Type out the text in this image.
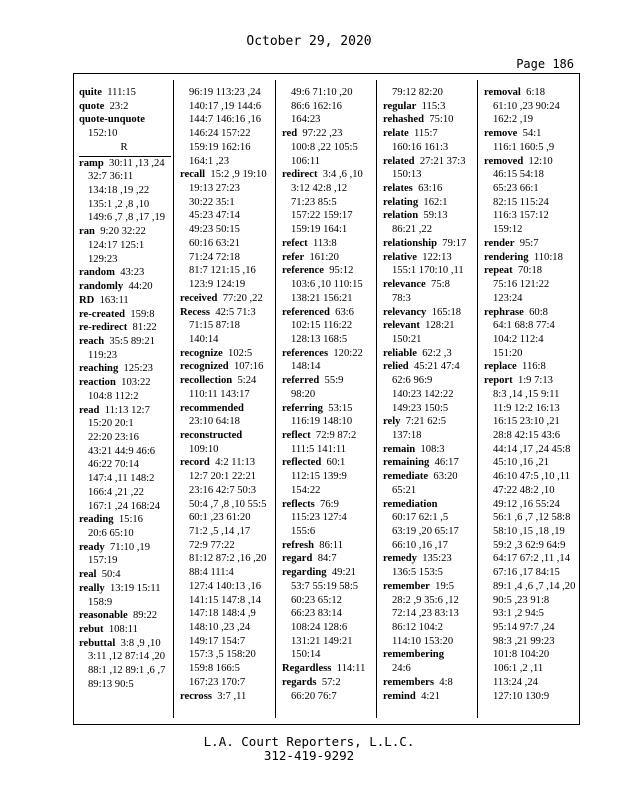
October 29, 2020
Page 186
quite 111:15
quote 23:2
quote-unquote
152:10
R
ramp 30:11 ,13 ,24
32:7 36:11
134:18 ,19 ,22
135:1 ,2 ,8 ,10
149:6 ,7 ,8 ,17 ,19
ran 9:20 32:22
124:17 125:1
129:23
random 43:23
randomly 44:20
RD 163:11
re-created 159:8
re-redirect 81:22
reach 35:5 89:21
119:23
reaching 125:23
reaction 103:22
104:8 112:2
read 11:13 12:7
15:20 20:1
22:20 23:16
43:21 44:9 46:6
46:22 70:14
147:4 ,11 148:2
166:4 ,21 ,22
167:1 ,24 168:24
reading 15:16
20:6 65:10
ready 71:10 ,19
157:19
real 50:4
really 13:19 15:11
158:9
reasonable 89:22
rebut 108:11
rebuttal 3:8 ,9 ,10
3:11 ,12 87:14 ,20
88:1 ,12 89:1 ,6 ,7
89:13 90:5
96:19 113:23 ,24
140:17 ,19 144:6
144:7 146:16 ,16
146:24 157:22
159:19 162:16
164:1 ,23
recall 15:2 ,9 19:10
19:13 27:23
30:22 35:1
45:23 47:14
49:23 50:15
60:16 63:21
71:24 72:18
81:7 121:15 ,16
123:9 124:19
received 77:20 ,22
Recess 42:5 71:3
71:15 87:18
140:14
recognize 102:5
recognized 107:16
recollection 5:24
110:11 143:17
recommended
23:10 64:18
reconstructed
109:10
record 4:2 11:13
12:7 20:1 22:21
23:16 42:7 50:3
50:4 ,7 ,8 ,10 55:5
60:1 ,23 61:20
71:2 ,5 ,14 ,17
72:9 77:22
81:12 87:2 ,16 ,20
88:4 111:4
127:4 140:13 ,16
141:15 147:8 ,14
147:18 148:4 ,9
148:10 ,23 ,24
149:17 154:7
157:3 ,5 158:20
159:8 166:5
167:23 170:7
recross 3:7 ,11
49:6 71:10 ,20
86:6 162:16
164:23
red 97:22 ,23
100:8 ,22 105:5
106:11
redirect 3:4 ,6 ,10
3:12 42:8 ,12
71:23 85:5
157:22 159:17
159:19 164:1
refect 113:8
refer 161:20
reference 95:12
103:6 ,10 110:15
138:21 156:21
referenced 63:6
102:15 116:22
128:13 168:5
references 120:22
148:14
referred 55:9
98:20
referring 53:15
116:19 148:10
reflect 72:9 87:2
111:5 141:11
reflected 60:1
112:15 139:9
154:22
reflects 76:9
115:23 127:4
155:6
refresh 86:11
regard 84:7
regarding 49:21
53:7 55:19 58:5
60:23 65:12
66:23 83:14
108:24 128:6
131:21 149:21
150:14
Regardless 114:11
regards 57:2
66:20 76:7
79:12 82:20
regular 115:3
rehashed 75:10
relate 115:7
160:16 161:3
related 27:21 37:3
150:13
relates 63:16
relating 162:1
relation 59:13
86:21 ,22
relationship 79:17
relative 122:13
155:1 170:10 ,11
relevance 75:8
78:3
relevancy 165:18
relevant 128:21
150:21
reliable 62:2 ,3
relied 45:21 47:4
62:6 96:9
140:23 142:22
149:23 150:5
rely 7:21 62:5
137:18
remain 108:3
remaining 46:17
remediate 63:20
65:21
remediation
60:17 62:1 ,5
63:19 ,20 65:17
66:10 ,16 ,17
remedy 135:23
136:5 153:5
remember 19:5
28:2 ,9 35:6 ,12
72:14 ,23 83:13
86:12 104:2
114:10 153:20
remembering
24:6
remembers 4:8
remind 4:21
removal 6:18
61:10 ,23 90:24
162:2 ,19
remove 54:1
116:1 160:5 ,9
removed 12:10
46:15 54:18
65:23 66:1
82:15 115:24
116:3 157:12
159:12
render 95:7
rendering 110:18
repeat 70:18
75:16 121:22
123:24
rephrase 60:8
64:1 68:8 77:4
104:2 112:4
151:20
replace 116:8
report 1:9 7:13
8:3 ,14 ,15 9:11
11:9 12:2 16:13
16:15 23:10 ,21
28:8 42:15 43:6
44:14 ,17 ,24 45:8
45:10 ,16 ,21
46:10 47:5 ,10 ,11
47:22 48:2 ,10
49:12 ,16 55:24
56:1 ,6 ,7 ,12 58:8
58:10 ,15 ,18 ,19
59:2 ,3 62:9 64:9
64:17 67:2 ,11 ,14
67:16 ,17 84:15
89:1 ,4 ,6 ,7 ,14 ,20
90:5 ,23 91:8
93:1 ,2 94:5
95:14 97:7 ,24
98:3 ,21 99:23
101:8 104:20
106:1 ,2 ,11
113:24 ,24
127:10 130:9
L.A. Court Reporters, L.L.C.
312-419-9292
